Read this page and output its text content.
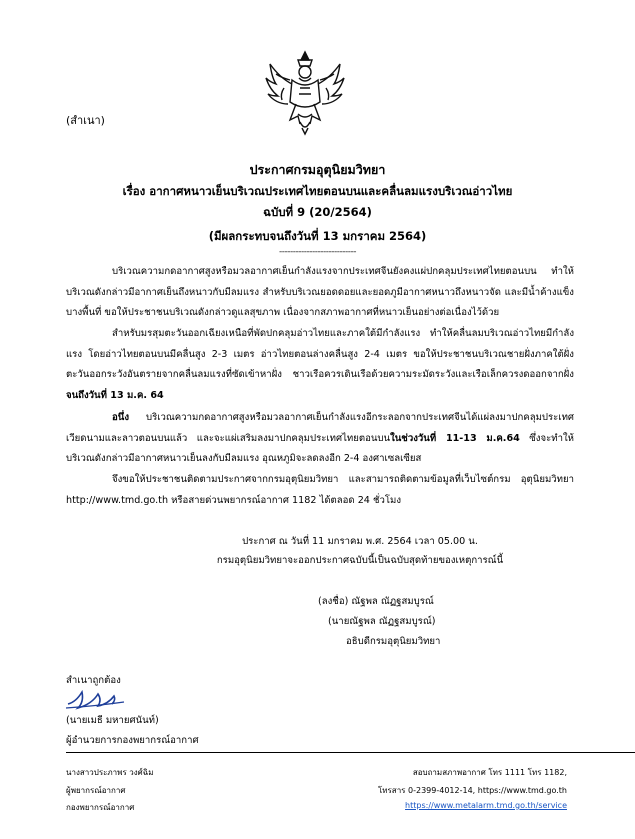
(สำเนา)
ประกาศกรมอุตุนิยมวิทยา
เรื่อง อากาศหนาวเย็นบริเวณประเทศไทยตอนบนและคลื่นลมแรงบริเวณอ่าวไทย
ฉบับที่ 9 (20/2564)
(มีผลกระทบจนถึงวันที่ 13 มกราคม 2564)
----------------------------
บริเวณความกดอากาศสูงหรือมวลอากาศเย็นกำลังแรงจากประเทศจีนยังคงแผ่ปกคลุมประเทศไทยตอนบน ทำให้บริเวณดังกล่าวมีอากาศเย็นถึงหนาวกับมีลมแรง สำหรับบริเวณยอดดอยและยอดภูมีอากาศหนาวถึงหนาวจัด และมีน้ำค้างแข็งบางพื้นที่ ขอให้ประชาชนบริเวณดังกล่าวดูแลสุขภาพ เนื่องจากสภาพอากาศที่หนาวเย็นอย่างต่อเนื่องไว้ด้วย
สำหรับมรสุมตะวันออกเฉียงเหนือที่พัดปกคลุมอ่าวไทยและภาคใต้มีกำลังแรง ทำให้คลื่นลมบริเวณอ่าวไทยมีกำลังแรง โดยอ่าวไทยตอนบนมีคลื่นสูง 2-3 เมตร อ่าวไทยตอนล่างคลื่นสูง 2-4 เมตร ขอให้ประชาชนบริเวณชายฝั่งภาคใต้ฝั่งตะวันออกระวังอันตรายจากคลื่นลมแรงที่ซัดเข้าหาฝั่ง ชาวเรือควรเดินเรือด้วยความระมัดระวังและเรือเล็กควรงดออกจากฝั่งจนถึงวันที่ 13 ม.ค. 64
อนึ่ง บริเวณความกดอากาศสูงหรือมวลอากาศเย็นกำลังแรงอีกระลอกจากประเทศจีนได้แผ่ลงมาปกคลุมประเทศเวียดนามและลาวตอนบนแล้ว และจะแผ่เสริมลงมาปกคลุมประเทศไทยตอนบนในช่วงวันที่ 11-13 ม.ค.64 ซึ่งจะทำให้บริเวณดังกล่าวมีอากาศหนาวเย็นลงกับมีลมแรง อุณหภูมิจะลดลงอีก 2-4 องศาเซลเซียส
จึงขอให้ประชาชนติดตามประกาศจากกรมอุตุนิยมวิทยา และสามารถติดตามข้อมูลที่เว็บไซต์กรม อุตุนิยมวิทยา http://www.tmd.go.th หรือสายด่วนพยากรณ์อากาศ 1182 ได้ตลอด 24 ชั่วโมง
ประกาศ ณ วันที่ 11 มกราคม พ.ศ. 2564 เวลา 05.00 น.
กรมอุตุนิยมวิทยาจะออกประกาศฉบับนี้เป็นฉบับสุดท้ายของเหตุการณ์นี้
(ลงชื่อ) ณัฐพล ณัฏฐสมบูรณ์
(นายณัฐพล ณัฏฐสมบูรณ์)
อธิบดีกรมอุตุนิยมวิทยา
สำเนาถูกต้อง
(นายเมธี มหายศนันท์)
ผู้อำนวยการกองพยากรณ์อากาศ
นางสาวประภาพร วงศ์ฉิม
ผู้พยากรณ์อากาศ
กองพยากรณ์อากาศ
สอบถามสภาพอากาศ โทร 1111 โทร 1182,
โทรสาร 0-2399-4012-14, https://www.tmd.go.th
https://www.metalarm.tmd.go.th/service
